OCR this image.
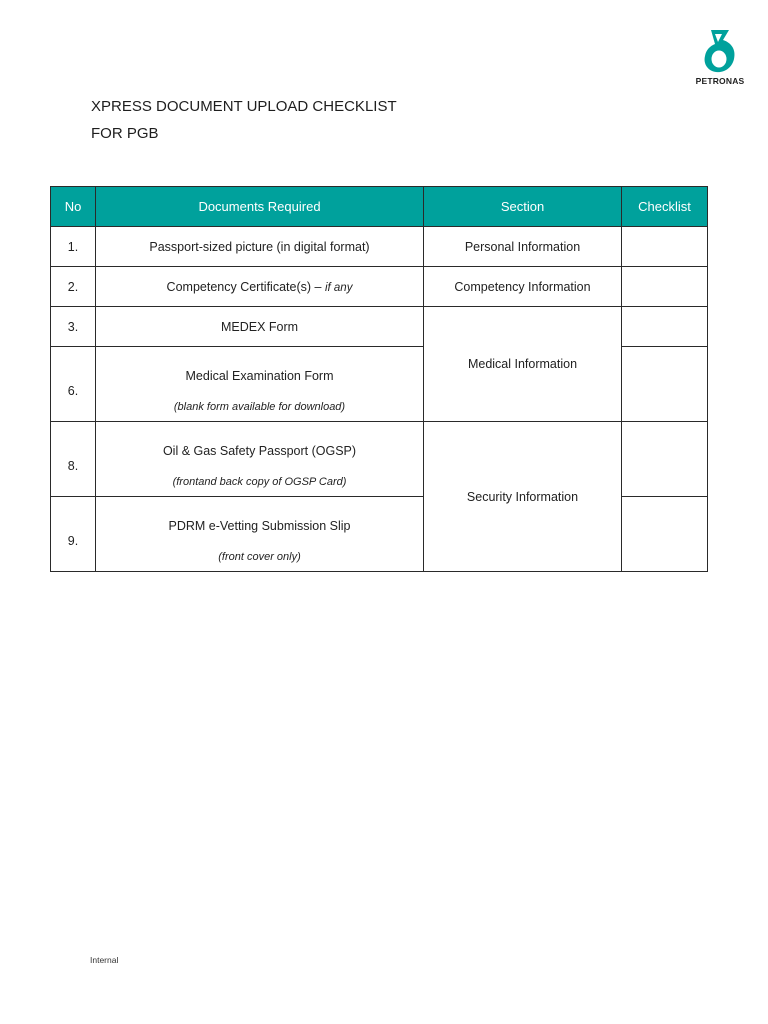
PETRONAS
XPRESS DOCUMENT UPLOAD CHECKLIST
FOR PGB
No	Documents Required	Section	Checklist
1.	Passport-sized picture (in digital format)	Personal Information	
2.	Competency Certificate(s) – if any	Competency Information	
3.	MEDEX Form	Medical Information	

6.	Medical Examination Form
(blank form available for download)		

8.	Oil & Gas Safety Passport (OGSP)
(frontand back copy of OGSP Card)	Security Information	

9.	PDRM e-Vetting Submission Slip
(front cover only)		

Internal
